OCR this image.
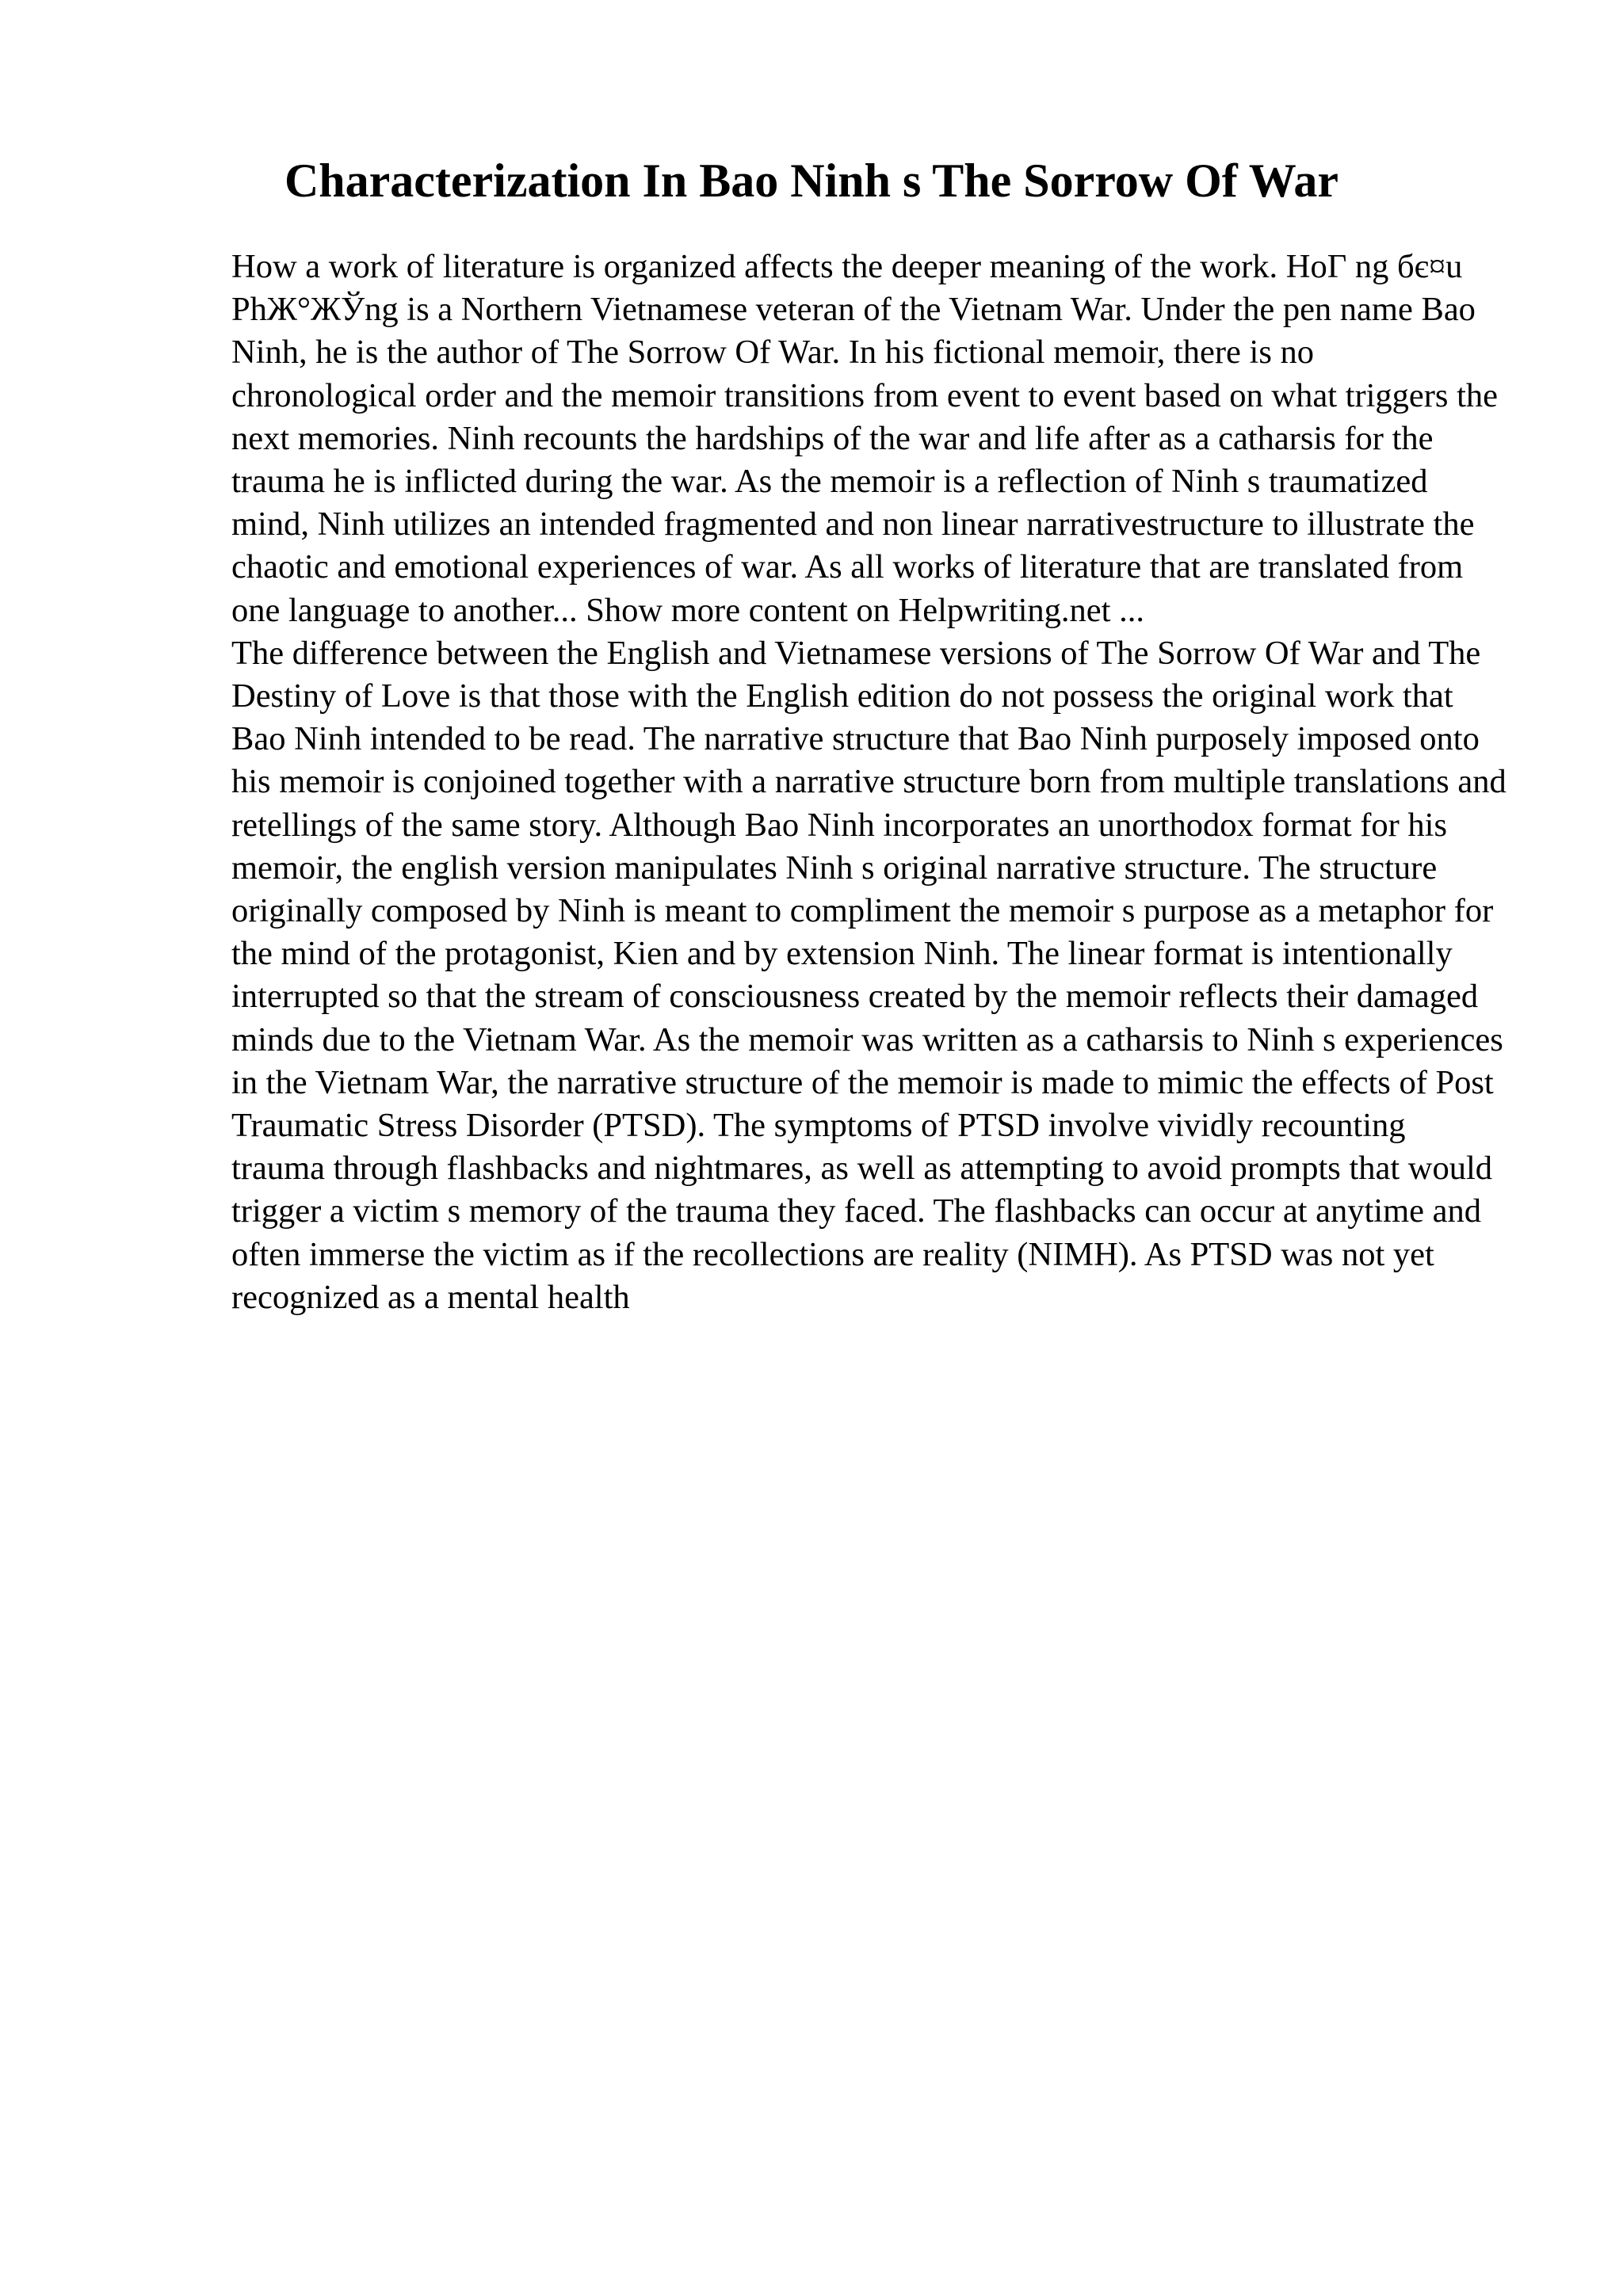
Characterization In Bao Ninh s The Sorrow Of War

How a work of literature is organized affects the deeper meaning of the work. HoГ ng бє¤u PhЖ°ЖЎng is a Northern Vietnamese veteran of the Vietnam War. Under the pen name Bao Ninh, he is the author of The Sorrow Of War. In his fictional memoir, there is no chronological order and the memoir transitions from event to event based on what triggers the next memories. Ninh recounts the hardships of the war and life after as a catharsis for the trauma he is inflicted during the war. As the memoir is a reflection of Ninh s traumatized mind, Ninh utilizes an intended fragmented and non linear narrativestructure to illustrate the chaotic and emotional experiences of war. As all works of literature that are translated from one language to another... Show more content on Helpwriting.net ...

The difference between the English and Vietnamese versions of The Sorrow Of War and The Destiny of Love is that those with the English edition do not possess the original work that Bao Ninh intended to be read. The narrative structure that Bao Ninh purposely imposed onto his memoir is conjoined together with a narrative structure born from multiple translations and retellings of the same story. Although Bao Ninh incorporates an unorthodox format for his memoir, the english version manipulates Ninh s original narrative structure. The structure originally composed by Ninh is meant to compliment the memoir s purpose as a metaphor for the mind of the protagonist, Kien and by extension Ninh. The linear format is intentionally interrupted so that the stream of consciousness created by the memoir reflects their damaged minds due to the Vietnam War. As the memoir was written as a catharsis to Ninh s experiences in the Vietnam War, the narrative structure of the memoir is made to mimic the effects of Post Traumatic Stress Disorder (PTSD). The symptoms of PTSD involve vividly recounting trauma through flashbacks and nightmares, as well as attempting to avoid prompts that would trigger a victim s memory of the trauma they faced. The flashbacks can occur at anytime and often immerse the victim as if the recollections are reality (NIMH). As PTSD was not yet recognized as a mental health
